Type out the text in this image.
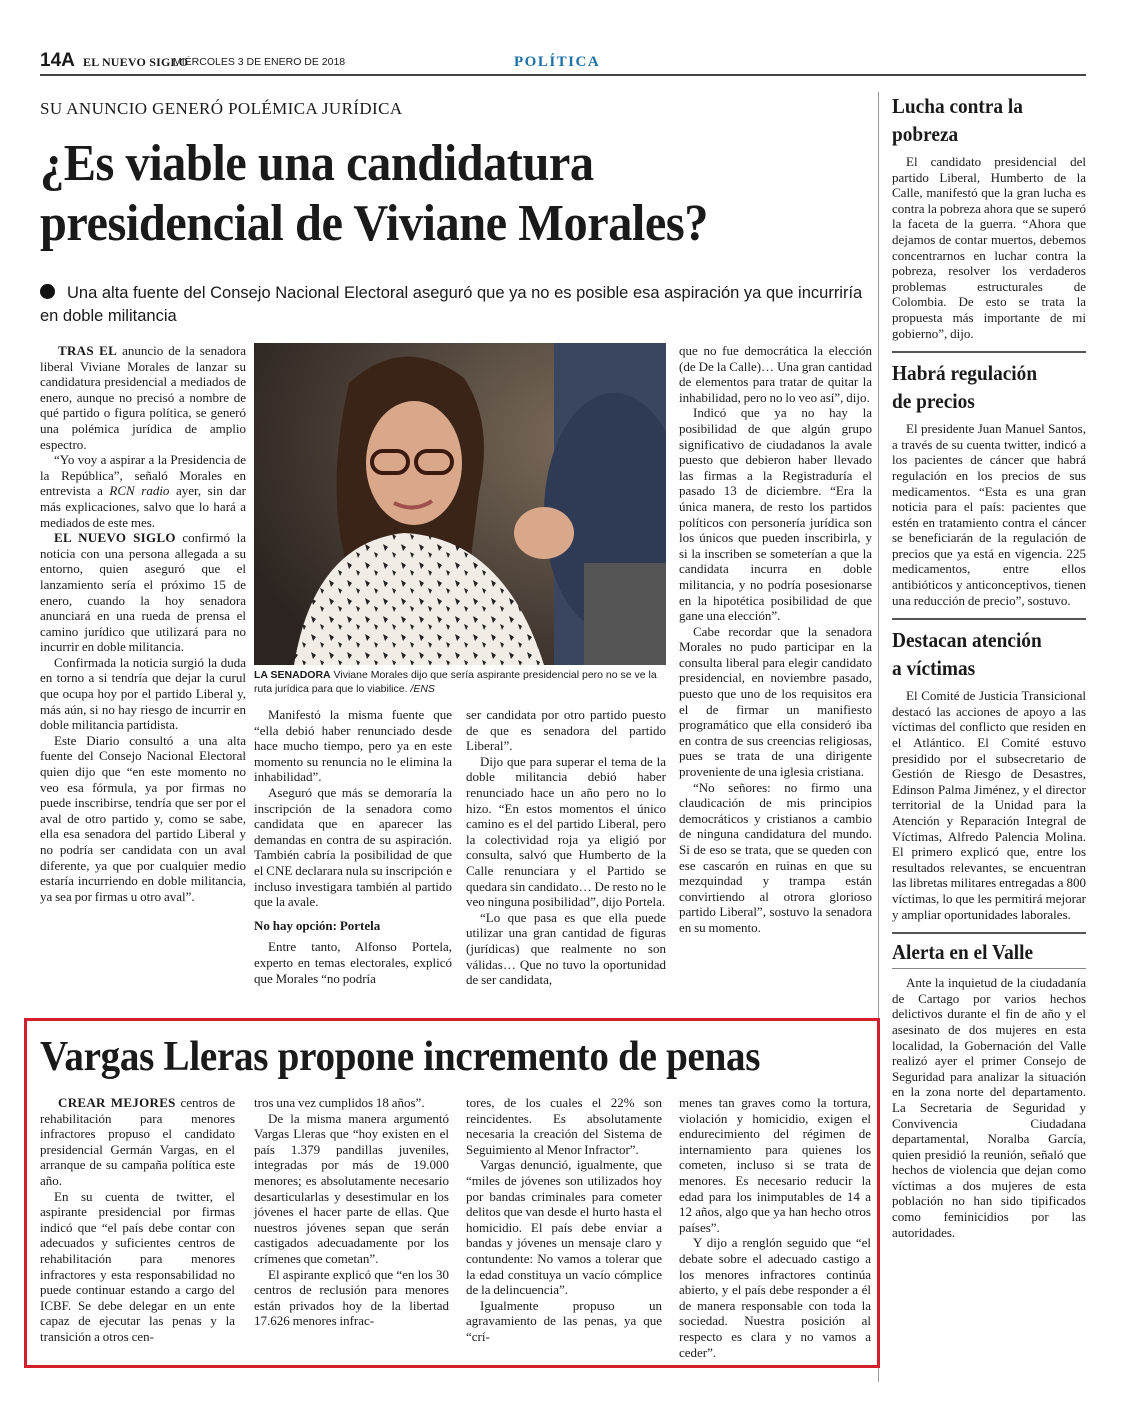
14A EL NUEVO SIGLO
MIÉRCOLES 3 DE ENERO DE 2018	POLÍTICA
SU ANUNCIO GENERÓ POLÉMICA JURÍDICA
¿Es viable una candidatura presidencial de Viviane Morales?
Una alta fuente del Consejo Nacional Electoral aseguró que ya no es posible esa aspiración ya que incurriría en doble militancia

TRAS EL anuncio de la senadora liberal Viviane Morales de lanzar su candidatura presidencial a mediados de enero, aunque no precisó a nombre de qué partido o figura política, se generó una polémica jurídica de amplio espectro.

“Yo voy a aspirar a la Presidencia de la República”, señaló Morales en entrevista a RCN radio ayer, sin dar más explicaciones, salvo que lo hará a mediados de este mes.

EL NUEVO SIGLO confirmó la noticia con una persona allegada a su entorno, quien aseguró que el lanzamiento sería el próximo 15 de enero, cuando la hoy senadora anunciará en una rueda de prensa el camino jurídico que utilizará para no incurrir en doble militancia.

Confirmada la noticia surgió la duda en torno a si tendría que dejar la curul que ocupa hoy por el partido Liberal y, más aún, si no hay riesgo de incurrir en doble militancia partidista.

Este Diario consultó a una alta fuente del Consejo Nacional Electoral quien dijo que “en este momento no veo esa fórmula, ya por firmas no puede inscribirse, tendría que ser por el aval de otro partido y, como se sabe, ella esa senadora del partido Liberal y no podría ser candidata con un aval diferente, ya que por cualquier medio estaría incurriendo en doble militancia, ya sea por firmas u otro aval”.

LA SENADORA Viviane Morales dijo que sería aspirante presidencial pero no se ve la ruta jurídica para que lo viabilice. /ENS

Manifestó la misma fuente que “ella debió haber renunciado desde hace mucho tiempo, pero ya en este momento su renuncia no le elimina la inhabilidad”.

Aseguró que más se demoraría la inscripción de la senadora como candidata que en aparecer las demandas en contra de su aspiración. También cabría la posibilidad de que el CNE declarara nula su inscripción e incluso investigara también al partido que la avale.

No hay opción: Portela

Entre tanto, Alfonso Portela, experto en temas electorales, explicó que Morales “no podría

ser candidata por otro partido puesto de que es senadora del partido Liberal”.

Dijo que para superar el tema de la doble militancia debió haber renunciado hace un año pero no lo hizo. “En estos momentos el único camino es el del partido Liberal, pero la colectividad roja ya eligió por consulta, salvó que Humberto de la Calle renunciara y el Partido se quedara sin candidato… De resto no le veo ninguna posibilidad”, dijo Portela.

“Lo que pasa es que ella puede utilizar una gran cantidad de figuras (jurídicas) que realmente no son válidas… Que no tuvo la oportunidad de ser candidata,

que no fue democrática la elección (de De la Calle)… Una gran cantidad de elementos para tratar de quitar la inhabilidad, pero no lo veo así”, dijo.

Indicó que ya no hay la posibilidad de que algún grupo significativo de ciudadanos la avale puesto que debieron haber llevado las firmas a la Registraduría el pasado 13 de diciembre. “Era la única manera, de resto los partidos políticos con personería jurídica son los únicos que pueden inscribirla, y si la inscriben se someterían a que la candidata incurra en doble militancia, y no podría posesionarse en la hipotética posibilidad de que gane una elección”.

Cabe recordar que la senadora Morales no pudo participar en la consulta liberal para elegir candidato presidencial, en noviembre pasado, puesto que uno de los requisitos era el de firmar un manifiesto programático que ella consideró iba en contra de sus creencias religiosas, pues se trata de una dirigente proveniente de una iglesia cristiana.

“No señores: no firmo una claudicación de mis principios democráticos y cristianos a cambio de ninguna candidatura del mundo. Si de eso se trata, que se queden con ese cascarón en ruinas en que su mezquindad y trampa están convirtiendo al otrora glorioso partido Liberal”, sostuvo la senadora en su momento.

Vargas Lleras propone incremento de penas

CREAR MEJORES centros de rehabilitación para menores infractores propuso el candidato presidencial Germán Vargas, en el arranque de su campaña política este año.

En su cuenta de twitter, el aspirante presidencial por firmas indicó que “el país debe contar con adecuados y suficientes centros de rehabilitación para menores infractores y esta responsabilidad no puede continuar estando a cargo del ICBF. Se debe delegar en un ente capaz de ejecutar las penas y la transición a otros cen-

tros una vez cumplidos 18 años”.

De la misma manera argumentó Vargas Lleras que “hoy existen en el país 1.379 pandillas juveniles, integradas por más de 19.000 menores; es absolutamente necesario desarticularlas y desestimular en los jóvenes el hacer parte de ellas. Que nuestros jóvenes sepan que serán castigados adecuadamente por los crímenes que cometan”.

El aspirante explicó que “en los 30 centros de reclusión para menores están privados hoy de la libertad 17.626 menores infrac-

tores, de los cuales el 22% son reincidentes. Es absolutamente necesaria la creación del Sistema de Seguimiento al Menor Infractor”.

Vargas denunció, igualmente, que “miles de jóvenes son utilizados hoy por bandas criminales para cometer delitos que van desde el hurto hasta el homicidio. El país debe enviar a bandas y jóvenes un mensaje claro y contundente: No vamos a tolerar que la edad constituya un vacío cómplice de la delincuencia”.

Igualmente propuso un agravamiento de las penas, ya que “crí-

menes tan graves como la tortura, violación y homicidio, exigen el endurecimiento del régimen de internamiento para quienes los cometen, incluso si se trata de menores. Es necesario reducir la edad para los inimputables de 14 a 12 años, algo que ya han hecho otros países”.

Y dijo a renglón seguido que “el debate sobre el adecuado castigo a los menores infractores continúa abierto, y el país debe responder a él de manera responsable con toda la sociedad. Nuestra posición al respecto es clara y no vamos a ceder”.

Lucha contra la pobreza
El candidato presidencial del partido Liberal, Humberto de la Calle, manifestó que la gran lucha es contra la pobreza ahora que se superó la faceta de la guerra. “Ahora que dejamos de contar muertos, debemos concentrarnos en luchar contra la pobreza, resolver los verdaderos problemas estructurales de Colombia. De esto se trata la propuesta más importante de mi gobierno”, dijo.
Habrá regulación de precios
El presidente Juan Manuel Santos, a través de su cuenta twitter, indicó a los pacientes de cáncer que habrá regulación en los precios de sus medicamentos. “Esta es una gran noticia para el país: pacientes que estén en tratamiento contra el cáncer se beneficiarán de la regulación de precios que ya está en vigencia. 225 medicamentos, entre ellos antibióticos y anticonceptivos, tienen una reducción de precio”, sostuvo.
Destacan atención a víctimas
El Comité de Justicia Transicional destacó las acciones de apoyo a las víctimas del conflicto que residen en el Atlántico. El Comité estuvo presidido por el subsecretario de Gestión de Riesgo de Desastres, Edinson Palma Jiménez, y el director territorial de la Unidad para la Atención y Reparación Integral de Víctimas, Alfredo Palencia Molina. El primero explicó que, entre los resultados relevantes, se encuentran las libretas militares entregadas a 800 víctimas, lo que les permitirá mejorar y ampliar oportunidades laborales.
Alerta en el Valle
Ante la inquietud de la ciudadanía de Cartago por varios hechos delictivos durante el fin de año y el asesinato de dos mujeres en esta localidad, la Gobernación del Valle realizó ayer el primer Consejo de Seguridad para analizar la situación en la zona norte del departamento. La Secretaria de Seguridad y Convivencia Ciudadana departamental, Noralba García, quien presidió la reunión, señaló que hechos de violencia que dejan como víctimas a dos mujeres de esta población no han sido tipificados como feminicidios por las autoridades.
